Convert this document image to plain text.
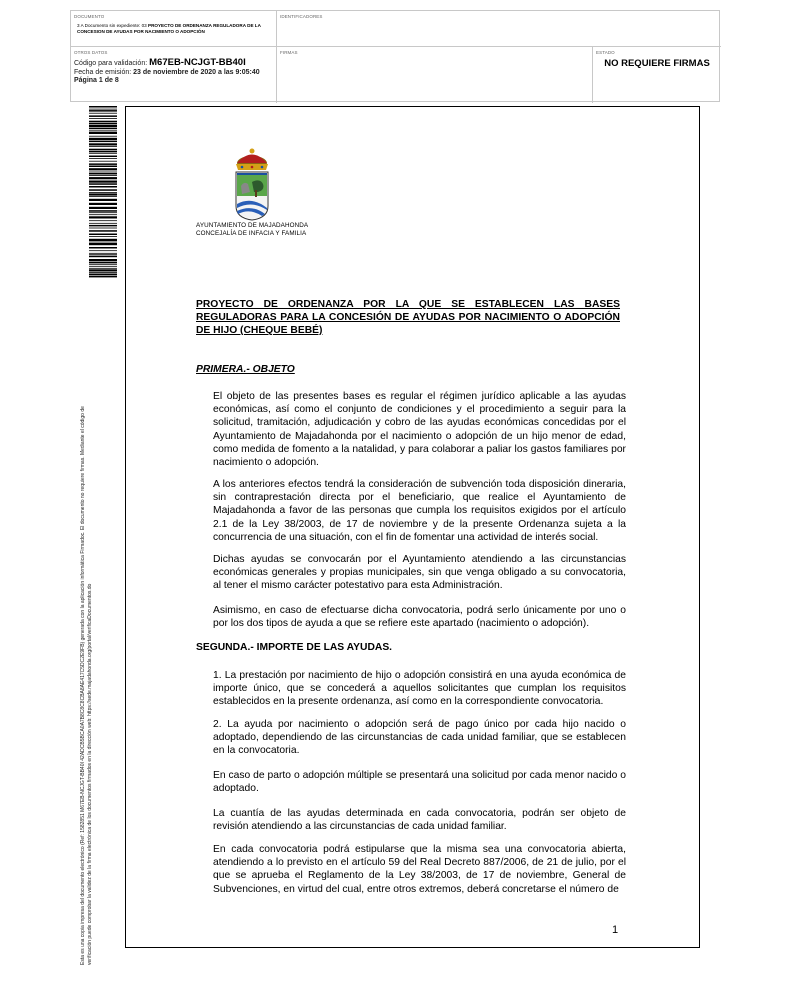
DOCUMENTO
3 A Documento sin expediente: 03 PROYECTO DE ORDENANZA REGULADORA DE LA CONCESION DE AYUDAS POR NACIMIENTO O ADOPCIÓN
IDENTIFICADORES
OTROS DATOS
Código para validación: M67EB-NCJGT-BB40I
Fecha de emisión: 23 de noviembre de 2020 a las 9:05:40
Página 1 de 8
FIRMAS	ESTADO
NO REQUIERE FIRMAS
Esta es una copia impresa del documento electrónico (Ref: 1582851 M67EB-NCJGT-BB40I 42ADCB5BCA0A7B8C8C8CBA8AE417C5DC2E9FB) generada con la aplicación informática Firmadoc. El documento no requiere firmas. Mediante el código de verificación puede comprobar la validez de la firma electrónica de los documentos firmados en la dirección web: https://sede.majadahonda.org/portal/verificaDocumentos.do
AYUNTAMIENTO DE MAJADAHONDA
CONCEJALÍA DE INFACIA Y FAMILIA
PROYECTO DE ORDENANZA POR LA QUE SE ESTABLECEN LAS BASES REGULADORAS PARA LA CONCESIÓN DE AYUDAS POR NACIMIENTO O ADOPCIÓN DE HIJO (CHEQUE BEBÉ)
PRIMERA.- OBJETO
El objeto de las presentes bases es regular el régimen jurídico aplicable a las ayudas económicas, así como el conjunto de condiciones y el procedimiento a seguir para la solicitud, tramitación, adjudicación y cobro de las ayudas económicas concedidas por el Ayuntamiento de Majadahonda por el nacimiento o adopción de un hijo menor de edad, como medida de fomento a la natalidad, y para colaborar a paliar los gastos familiares por nacimiento o adopción.
A los anteriores efectos tendrá la consideración de subvención toda disposición dineraria, sin contraprestación directa por el beneficiario, que realice el Ayuntamiento de Majadahonda a favor de las personas que cumpla los requisitos exigidos por el artículo 2.1 de la Ley 38/2003, de 17 de noviembre y de la presente Ordenanza sujeta a la concurrencia de una situación, con el fin de fomentar una actividad de interés social.
Dichas ayudas se convocarán por el Ayuntamiento atendiendo a las circunstancias económicas generales y propias municipales, sin que venga obligado a su convocatoria, al tener el mismo carácter potestativo para esta Administración.
Asimismo, en caso de efectuarse dicha convocatoria, podrá serlo únicamente por uno o por los dos tipos de ayuda a que se refiere este apartado (nacimiento o adopción).
SEGUNDA.- IMPORTE DE LAS AYUDAS.
1. La prestación por nacimiento de hijo o adopción consistirá en una ayuda económica de importe único, que se concederá a aquellos solicitantes que cumplan los requisitos establecidos en la presente ordenanza, así como en la correspondiente convocatoria.
2. La ayuda por nacimiento o adopción será de pago único por cada hijo nacido o adoptado, dependiendo de las circunstancias de cada unidad familiar, que se establecen en la convocatoria.
En caso de parto o adopción múltiple se presentará una solicitud por cada menor nacido o adoptado.
La cuantía de las ayudas determinada en cada convocatoria, podrán ser objeto de revisión atendiendo a las circunstancias de cada unidad familiar.
En cada convocatoria podrá estipularse que la misma sea una convocatoria abierta, atendiendo a lo previsto en el artículo 59 del Real Decreto 887/2006, de 21 de julio, por el que se aprueba el Reglamento de la Ley 38/2003, de 17 de noviembre, General de Subvenciones, en virtud del cual, entre otros extremos, deberá concretarse el número de
1
